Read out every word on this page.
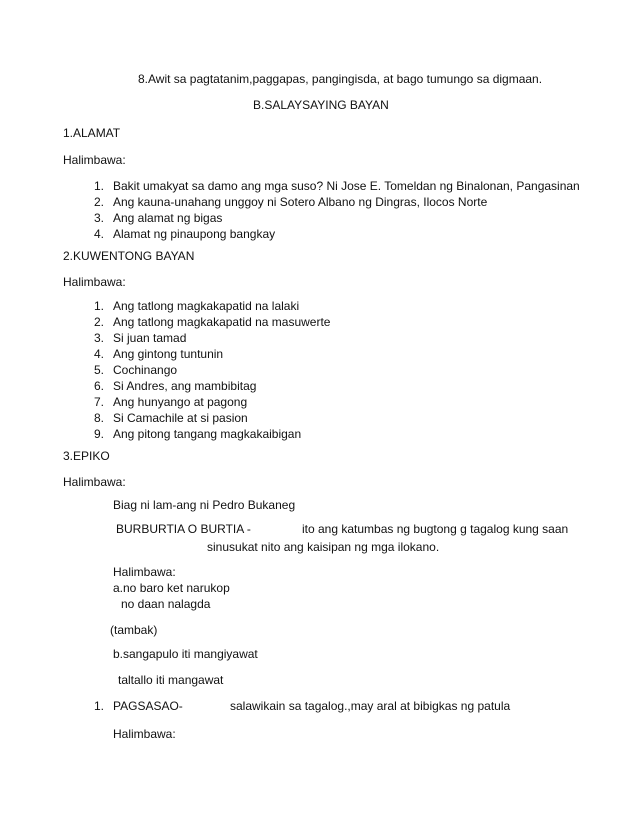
8.Awit sa pagtatanim,paggapas, pangingisda, at bago tumungo sa digmaan.
B.SALAYSAYING BAYAN
1.ALAMAT
Halimbawa:
1. Bakit umakyat sa damo ang mga suso? Ni Jose E. Tomeldan ng Binalonan, Pangasinan
2. Ang kauna-unahang unggoy ni Sotero Albano ng Dingras, Ilocos Norte
3. Ang alamat ng bigas
4. Alamat ng pinaupong bangkay
2.KUWENTONG BAYAN
Halimbawa:
1. Ang tatlong magkakapatid na lalaki
2. Ang tatlong magkakapatid na masuwerte
3. Si juan tamad
4. Ang gintong tuntunin
5. Cochinango
6. Si Andres, ang mambibitag
7. Ang hunyango at pagong
8. Si Camachile at si pasion
9. Ang pitong tangang magkakaibigan
3.EPIKO
Halimbawa:
Biag ni lam-ang ni Pedro Bukaneg
BURBURTIA O BURTIA -	ito ang katumbas ng bugtong g tagalog kung saan
sinusukat nito ang kaisipan ng mga ilokano.
Halimbawa:
a.no baro ket narukop
no daan nalagda
(tambak)
b.sangapulo iti mangiyawat
taltallo iti mangawat
1. PAGSASAO-	salawikain sa tagalog.,may aral at bibigkas ng patula
Halimbawa:
